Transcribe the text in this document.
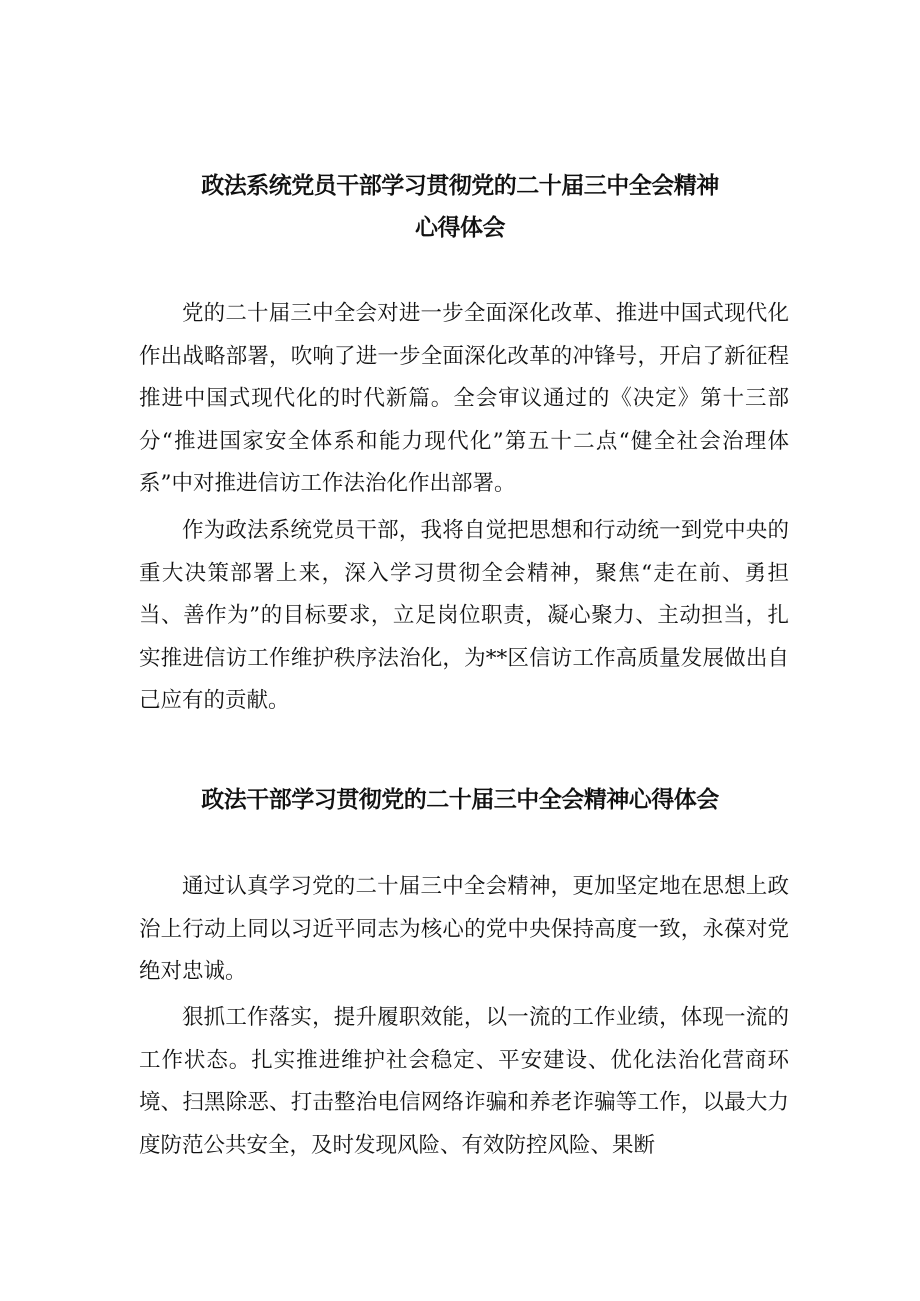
政法系统党员干部学习贯彻党的二十届三中全会精神
心得体会

党的二十届三中全会对进一步全面深化改革、推进中国式现代化作出战略部署，吹响了进一步全面深化改革的冲锋号，开启了新征程推进中国式现代化的时代新篇。全会审议通过的《决定》第十三部分“推进国家安全体系和能力现代化”第五十二点“健全社会治理体系”中对推进信访工作法治化作出部署。

作为政法系统党员干部，我将自觉把思想和行动统一到党中央的重大决策部署上来，深入学习贯彻全会精神，聚焦“走在前、勇担当、善作为”的目标要求，立足岗位职责，凝心聚力、主动担当，扎实推进信访工作维护秩序法治化，为**区信访工作高质量发展做出自己应有的贡献。

政法干部学习贯彻党的二十届三中全会精神心得体会

通过认真学习党的二十届三中全会精神，更加坚定地在思想上政治上行动上同以习近平同志为核心的党中央保持高度一致，永葆对党绝对忠诚。

狠抓工作落实，提升履职效能，以一流的工作业绩，体现一流的工作状态。扎实推进维护社会稳定、平安建设、优化法治化营商环境、扫黑除恶、打击整治电信网络诈骗和养老诈骗等工作，以最大力度防范公共安全，及时发现风险、有效防控风险、果断
